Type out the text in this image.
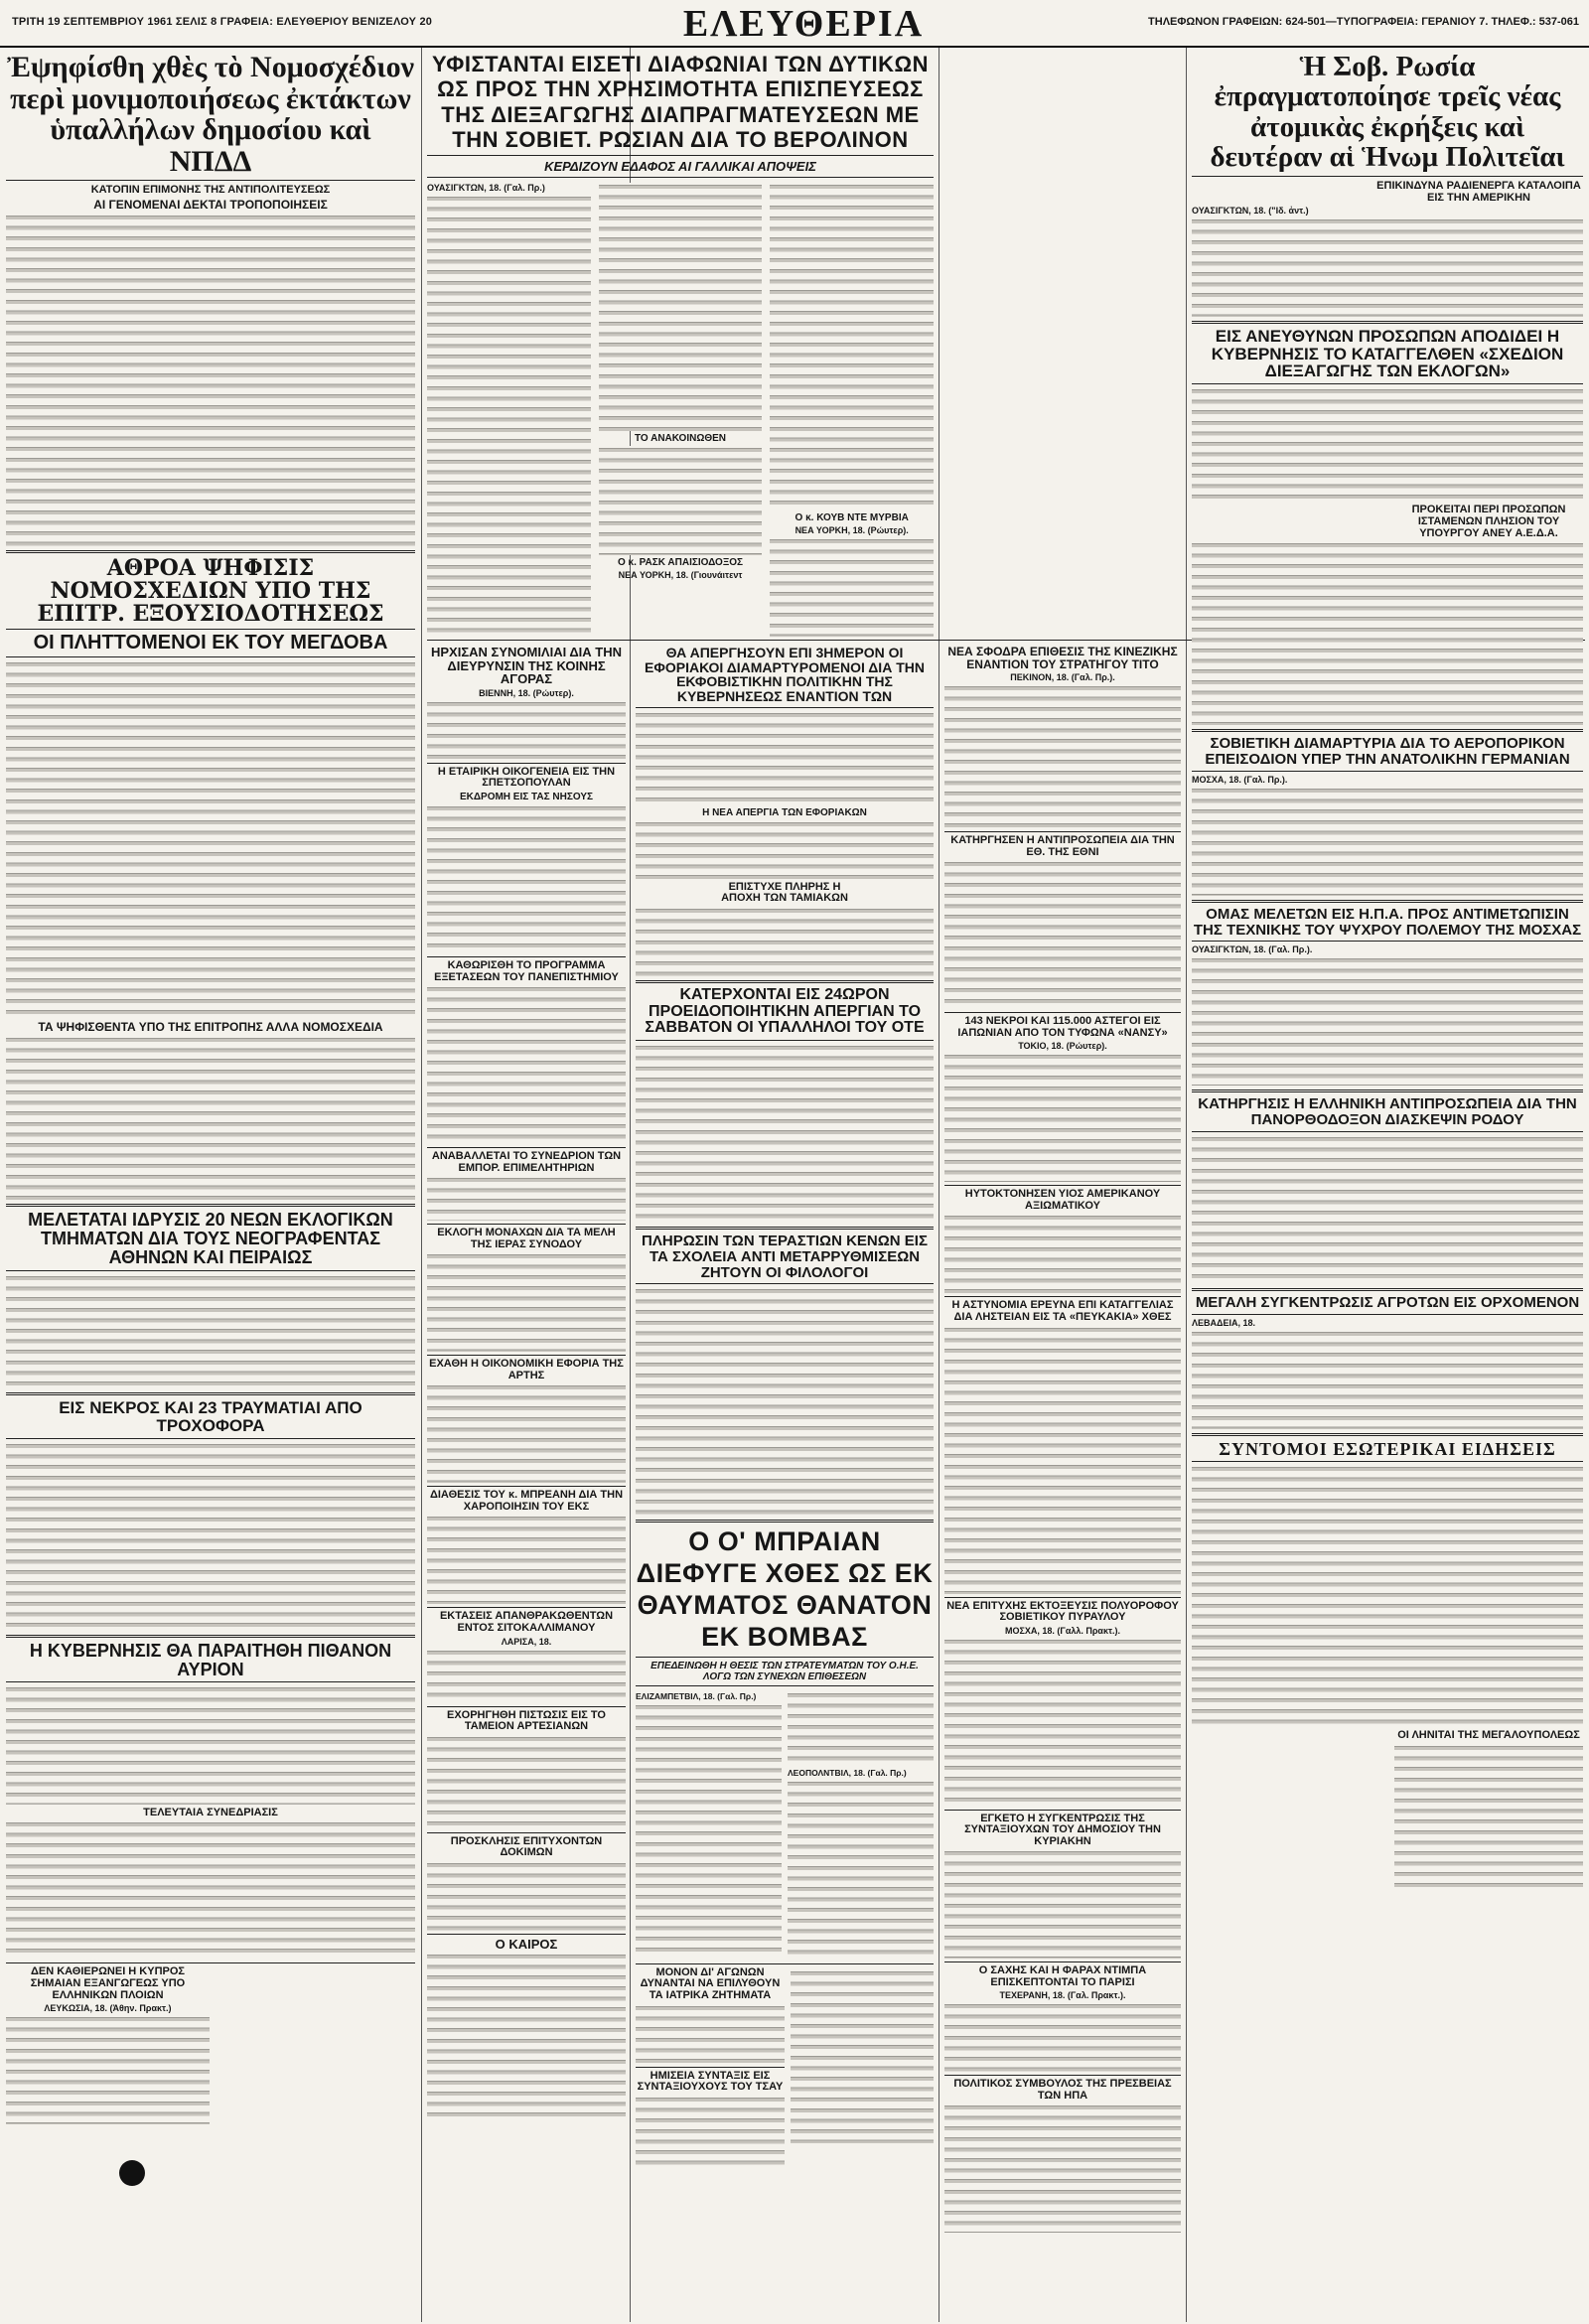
ΤΡΙΤΗ 19 ΣΕΠΤΕΜΒΡΙΟΥ 1961 ΣΕΛΙΣ 8 ΓΡΑΦΕΙΑ: ΕΛΕΥΘΕΡΙΟΥ ΒΕΝΙΖΕΛΟΥ 20	ΕΛΕΥΘΕΡΙΑ	ΤΗΛΕΦΩΝΟΝ ΓΡΑΦΕΙΩΝ: 624-501—ΤΥΠΟΓΡΑΦΕΙΑ: ΓΕΡΑΝΙΟΥ 7. ΤΗΛΕΦ.: 537-061
Ἐψηφίσθη χθὲς τὸ Νομοσχέδιον περὶ μονιμοποιήσεως ἐκτάκτων ὑπαλλήλων δημοσίου καὶ ΝΠΔΔ
ΚΑΤΟΠΙΝ ΕΠΙΜΟΝΗΣ ΤΗΣ ΑΝΤΙΠΟΛΙΤΕΥΣΕΩΣ
ΑΙ ΓΕΝΟΜΕΝΑΙ ΔΕΚΤΑΙ ΤΡΟΠΟΠΟΙΗΣΕΙΣ
ΑΘΡΟΑ ΨΗΦΙΣΙΣ ΝΟΜΟΣΧΕΔΙΩΝ ΥΠΟ ΤΗΣ ΕΠΙΤΡ. ΕΞΟΥΣΙΟΔΟΤΗΣΕΩΣ
ΟΙ ΠΛΗΤΤΟΜΕΝΟΙ ΕΚ ΤΟΥ ΜΕΓΔΟΒΑ
ΤΑ ΨΗΦΙΣΘΕΝΤΑ ΥΠΟ ΤΗΣ ΕΠΙΤΡΟΠΗΣ ΑΛΛΑ ΝΟΜΟΣΧΕΔΙΑ
ΜΕΛΕΤΑΤΑΙ ΙΔΡΥΣΙΣ 20 ΝΕΩΝ ΕΚΛΟΓΙΚΩΝ ΤΜΗΜΑΤΩΝ ΔΙΑ ΤΟΥΣ ΝΕΟΓΡΑΦΕΝΤΑΣ ΑΘΗΝΩΝ ΚΑΙ ΠΕΙΡΑΙΩΣ
ΕΙΣ ΝΕΚΡΟΣ ΚΑΙ 23 ΤΡΑΥΜΑΤΙΑΙ ΑΠΟ ΤΡΟΧΟΦΟΡΑ
Η ΚΥΒΕΡΝΗΣΙΣ ΘΑ ΠΑΡΑΙΤΗΘΗ ΠΙΘΑΝΟΝ ΑΥΡΙΟΝ
ΤΕΛΕΥΤΑΙΑ ΣΥΝΕΔΡΙΑΣΙΣ
ΔΕΝ ΚΑΘΙΕΡΩΝΕΙ Η ΚΥΠΡΟΣ ΣΗΜΑΙΑΝ ΕΞΑΝΓΩΓΕΩΣ ΥΠΟ ΕΛΛΗΝΙΚΩΝ ΠΛΟΙΩΝ
ΛΕΥΚΩΣΙΑ, 18. (Ἀθην. Πρακτ.)
ΥΦΙΣΤΑΝΤΑΙ ΕΙΣΕΤΙ ΔΙΑΦΩΝΙΑΙ ΤΩΝ ΔΥΤΙΚΩΝ ΩΣ ΠΡΟΣ ΤΗΝ ΧΡΗΣΙΜΟΤΗΤΑ ΕΠΙΣΠΕΥΣΕΩΣ ΤΗΣ ΔΙΕΞΑΓΩΓΗΣ ΔΙΑΠΡΑΓΜΑΤΕΥΣΕΩΝ ΜΕ ΤΗΝ ΣΟΒΙΕΤ. ΡΩΣΙΑΝ ΔΙΑ ΤΟ ΒΕΡΟΛΙΝΟΝ
ΚΕΡΔΙΖΟΥΝ ΕΔΑΦΟΣ ΑΙ ΓΑΛΛΙΚΑΙ ΑΠΟΨΕΙΣ
ΟΥΑΣΙΓΚΤΩΝ, 18. (Γαλ. Πρ.)
ΤΟ ΑΝΑΚΟΙΝΩΘΕΝ
Ο κ. ΡΑΣΚ ΑΠΑΙΣΙΟΔΟΞΟΣ
ΝΕΑ ΥΟΡΚΗ, 18. (Γιουνάιτεντ
Ο κ. ΚΟΥΒ ΝΤΕ ΜΥΡΒΙΑ
ΝΕΑ ΥΟΡΚΗ, 18. (Ρώυτερ).
ΗΡΧΙΣΑΝ ΣΥΝΟΜΙΛΙΑΙ ΔΙΑ ΤΗΝ ΔΙΕΥΡΥΝΣΙΝ ΤΗΣ ΚΟΙΝΗΣ ΑΓΟΡΑΣ
ΒΙΕΝΝΗ, 18. (Ρώυτερ).
Η ΕΤΑΙΡΙΚΗ ΟΙΚΟΓΕΝΕΙΑ ΕΙΣ ΤΗΝ ΣΠΕΤΣΟΠΟΥΛΑΝ
ΕΚΔΡΟΜΗ ΕΙΣ ΤΑΣ ΝΗΣΟΥΣ
ΚΑΘΩΡΙΣΘΗ ΤΟ ΠΡΟΓΡΑΜΜΑ ΕΞΕΤΑΣΕΩΝ ΤΟΥ ΠΑΝΕΠΙΣΤΗΜΙΟΥ
ΑΝΑΒΑΛΛΕΤΑΙ ΤΟ ΣΥΝΕΔΡΙΟΝ ΤΩΝ ΕΜΠΟΡ. ΕΠΙΜΕΛΗΤΗΡΙΩΝ
ΕΚΛΟΓΗ ΜΟΝΑΧΩΝ ΔΙΑ ΤΑ ΜΕΛΗ ΤΗΣ ΙΕΡΑΣ ΣΥΝΟΔΟΥ
ΕΧΑΘΗ Η ΟΙΚΟΝΟΜΙΚΗ ΕΦΟΡΙΑ ΤΗΣ ΑΡΤΗΣ
ΔΙΑΘΕΣΙΣ ΤΟΥ κ. ΜΠΡΕΑΝΗ ΔΙΑ ΤΗΝ ΧΑΡΟΠΟΙΗΣΙΝ ΤΟΥ ΕΚΣ
ΕΚΤΑΣΕΙΣ ΑΠΑΝΘΡΑΚΩΘΕΝΤΩΝ ΕΝΤΟΣ ΣΙΤΟΚΑΛΛΙΜΑΝΟΥ
ΛΑΡΙΣΑ, 18.
ΕΧΟΡΗΓΗΘΗ ΠΙΣΤΩΣΙΣ ΕΙΣ ΤΟ ΤΑΜΕΙΟΝ ΑΡΤΕΣΙΑΝΩΝ
ΠΡΟΣΚΛΗΣΙΣ ΕΠΙΤΥΧΟΝΤΩΝ ΔΟΚΙΜΩΝ
Ο ΚΑΙΡΟΣ
ΘΑ ΑΠΕΡΓΗΣΟΥΝ ΕΠΙ 3ΗΜΕΡΟΝ ΟΙ ΕΦΟΡΙΑΚΟΙ ΔΙΑΜΑΡΤΥΡΟΜΕΝΟΙ ΔΙΑ ΤΗΝ ΕΚΦΟΒΙΣΤΙΚΗΝ ΠΟΛΙΤΙΚΗΝ ΤΗΣ ΚΥΒΕΡΝΗΣΕΩΣ ΕΝΑΝΤΙΟΝ ΤΩΝ
Η ΝΕΑ ΑΠΕΡΓΙΑ ΤΩΝ ΕΦΟΡΙΑΚΩΝ
ΕΠΙΣΤΥΧΕ ΠΛΗΡΗΣ Η ΑΠΟΧΗ ΤΩΝ ΤΑΜΙΑΚΩΝ
ΚΑΤΕΡΧΟΝΤΑΙ ΕΙΣ 24ΩΡΟΝ ΠΡΟΕΙΔΟΠΟΙΗΤΙΚΗΝ ΑΠΕΡΓΙΑΝ ΤΟ ΣΑΒΒΑΤΟΝ ΟΙ ΥΠΑΛΛΗΛΟΙ ΤΟΥ ΟΤΕ
ΠΛΗΡΩΣΙΝ ΤΩΝ ΤΕΡΑΣΤΙΩΝ ΚΕΝΩΝ ΕΙΣ ΤΑ ΣΧΟΛΕΙΑ ΑΝΤΙ ΜΕΤΑΡΡΥΘΜΙΣΕΩΝ ΖΗΤΟΥΝ ΟΙ ΦΙΛΟΛΟΓΟΙ
Ο Ο' ΜΠΡΑΙΑΝ ΔΙΕΦΥΓΕ ΧΘΕΣ ΩΣ ΕΚ ΘΑΥΜΑΤΟΣ ΘΑΝΑΤΟΝ ΕΚ ΒΟΜΒΑΣ
ΕΠΕΔΕΙΝΩΘΗ Η ΘΕΣΙΣ ΤΩΝ ΣΤΡΑΤΕΥΜΑΤΩΝ ΤΟΥ Ο.Η.Ε. ΛΟΓΩ ΤΩΝ ΣΥΝΕΧΩΝ ΕΠΙΘΕΣΕΩΝ
ΕΛΙΖΑΜΠΕΤΒΙΛ, 18. (Γαλ. Πρ.)
ΛΕΟΠΟΛΝΤΒΙΛ, 18. (Γαλ. Πρ.)
ΜΟΝΟΝ ΔΙ' ΑΓΩΝΩΝ ΔΥΝΑΝΤΑΙ ΝΑ ΕΠΙΛΥΘΟΥΝ ΤΑ ΙΑΤΡΙΚΑ ΖΗΤΗΜΑΤΑ
ΗΜΙΣΕΙΑ ΣΥΝΤΑΞΙΣ ΕΙΣ ΣΥΝΤΑΞΙΟΥΧΟΥΣ ΤΟΥ ΤΣΑΥ
ΝΕΑ ΣΦΟΔΡΑ ΕΠΙΘΕΣΙΣ ΤΗΣ ΚΙΝΕΖΙΚΗΣ ΕΝΑΝΤΙΟΝ ΤΟΥ ΣΤΡΑΤΗΓΟΥ ΤΙΤΟ
ΠΕΚΙΝΟΝ, 18. (Γαλ. Πρ.).
ΚΑΤΗΡΓΗΣΕΝ Η ΑΝΤΙΠΡΟΣΩΠΕΙΑ ΔΙΑ ΤΗΝ ΕΘ. ΤΗΣ ΕΘΝΙ
143 ΝΕΚΡΟΙ ΚΑΙ 115.000 ΑΣΤΕΓΟΙ ΕΙΣ ΙΑΠΩΝΙΑΝ ΑΠΟ ΤΟΝ ΤΥΦΩΝΑ «ΝΑΝΣΥ»
ΤΟΚΙΟ, 18. (Ρώυτερ).
ΗΥΤΟΚΤΟΝΗΣΕΝ ΥΙΟΣ ΑΜΕΡΙΚΑΝΟΥ ΑΞΙΩΜΑΤΙΚΟΥ
Η ΑΣΤΥΝΟΜΙΑ ΕΡΕΥΝΑ ΕΠΙ ΚΑΤΑΓΓΕΛΙΑΣ ΔΙΑ ΛΗΣΤΕΙΑΝ ΕΙΣ ΤΑ «ΠΕΥΚΑΚΙΑ» ΧΘΕΣ
ΝΕΑ ΕΠΙΤΥΧΗΣ ΕΚΤΟΞΕΥΣΙΣ ΠΟΛΥΟΡΟΦΟΥ ΣΟΒΙΕΤΙΚΟΥ ΠΥΡΑΥΛΟΥ
ΜΟΣΧΑ, 18. (Γαλλ. Πρακτ.).
ΕΓΚΕΤΟ Η ΣΥΓΚΕΝΤΡΩΣΙΣ ΤΗΣ ΣΥΝΤΑΞΙΟΥΧΩΝ ΤΟΥ ΔΗΜΟΣΙΟΥ ΤΗΝ ΚΥΡΙΑΚΗΝ
Ο ΣΑΧΗΣ ΚΑΙ Η ΦΑΡΑΧ ΝΤΙΜΠΑ ΕΠΙΣΚΕΠΤΟΝΤΑΙ ΤΟ ΠΑΡΙΣΙ
ΤΕΧΕΡΑΝΗ, 18. (Γαλ. Πρακτ.).
ΠΟΛΙΤΙΚΟΣ ΣΥΜΒΟΥΛΟΣ ΤΗΣ ΠΡΕΣΒΕΙΑΣ ΤΩΝ ΗΠΑ
Ἡ Σοβ. Ρωσία ἐπραγματοποίησε τρεῖς νέας ἀτομικὰς ἐκρήξεις καὶ δευτέραν αἱ Ἡνωμ Πολιτεῖαι
ΕΠΙΚΙΝΔΥΝΑ ΡΑΔΙΕΝΕΡΓΑ ΚΑΤΑΛΟΙΠΑ ΕΙΣ ΤΗΝ ΑΜΕΡΙΚΗΝ
ΟΥΑΣΙΓΚΤΩΝ, 18. ("Ιδ. ἀντ.)
ΕΙΣ ΑΝΕΥΘΥΝΩΝ ΠΡΟΣΩΠΩΝ ΑΠΟΔΙΔΕΙ Η ΚΥΒΕΡΝΗΣΙΣ ΤΟ ΚΑΤΑΓΓΕΛΘΕΝ «ΣΧΕΔΙΟΝ ΔΙΕΞΑΓΩΓΗΣ ΤΩΝ ΕΚΛΟΓΩΝ»
ΠΡΟΚΕΙΤΑΙ ΠΕΡΙ ΠΡΟΣΩΠΩΝ ΙΣΤΑΜΕΝΩΝ ΠΛΗΣΙΟΝ ΤΟΥ ΥΠΟΥΡΓΟΥ ΑΝΕΥ Α.Ε.Δ.Α.
ΣΟΒΙΕΤΙΚΗ ΔΙΑΜΑΡΤΥΡΙΑ ΔΙΑ ΤΟ ΑΕΡΟΠΟΡΙΚΟΝ ΕΠΕΙΣΟΔΙΟΝ ΥΠΕΡ ΤΗΝ ΑΝΑΤΟΛΙΚΗΝ ΓΕΡΜΑΝΙΑΝ
ΜΟΣΧΑ, 18. (Γαλ. Πρ.).
ΟΜΑΣ ΜΕΛΕΤΩΝ ΕΙΣ Η.Π.Α. ΠΡΟΣ ΑΝΤΙΜΕΤΩΠΙΣΙΝ ΤΗΣ ΤΕΧΝΙΚΗΣ ΤΟΥ ΨΥΧΡΟΥ ΠΟΛΕΜΟΥ ΤΗΣ ΜΟΣΧΑΣ
ΟΥΑΣΙΓΚΤΩΝ, 18. (Γαλ. Πρ.).
ΚΑΤΗΡΓΗΣΙΣ Η ΕΛΛΗΝΙΚΗ ΑΝΤΙΠΡΟΣΩΠΕΙΑ ΔΙΑ ΤΗΝ ΠΑΝΟΡΘΟΔΟΞΟΝ ΔΙΑΣΚΕΨΙΝ ΡΟΔΟΥ
ΜΕΓΑΛΗ ΣΥΓΚΕΝΤΡΩΣΙΣ ΑΓΡΟΤΩΝ ΕΙΣ ΟΡΧΟΜΕΝΟΝ
ΛΕΒΑΔΕΙΑ, 18.
ΣΥΝΤΟΜΟΙ ΕΣΩΤΕΡΙΚΑΙ ΕΙΔΗΣΕΙΣ
ΟΙ ΛΗΝΙΤΑΙ ΤΗΣ ΜΕΓΑΛΟΥΠΟΛΕΩΣ
